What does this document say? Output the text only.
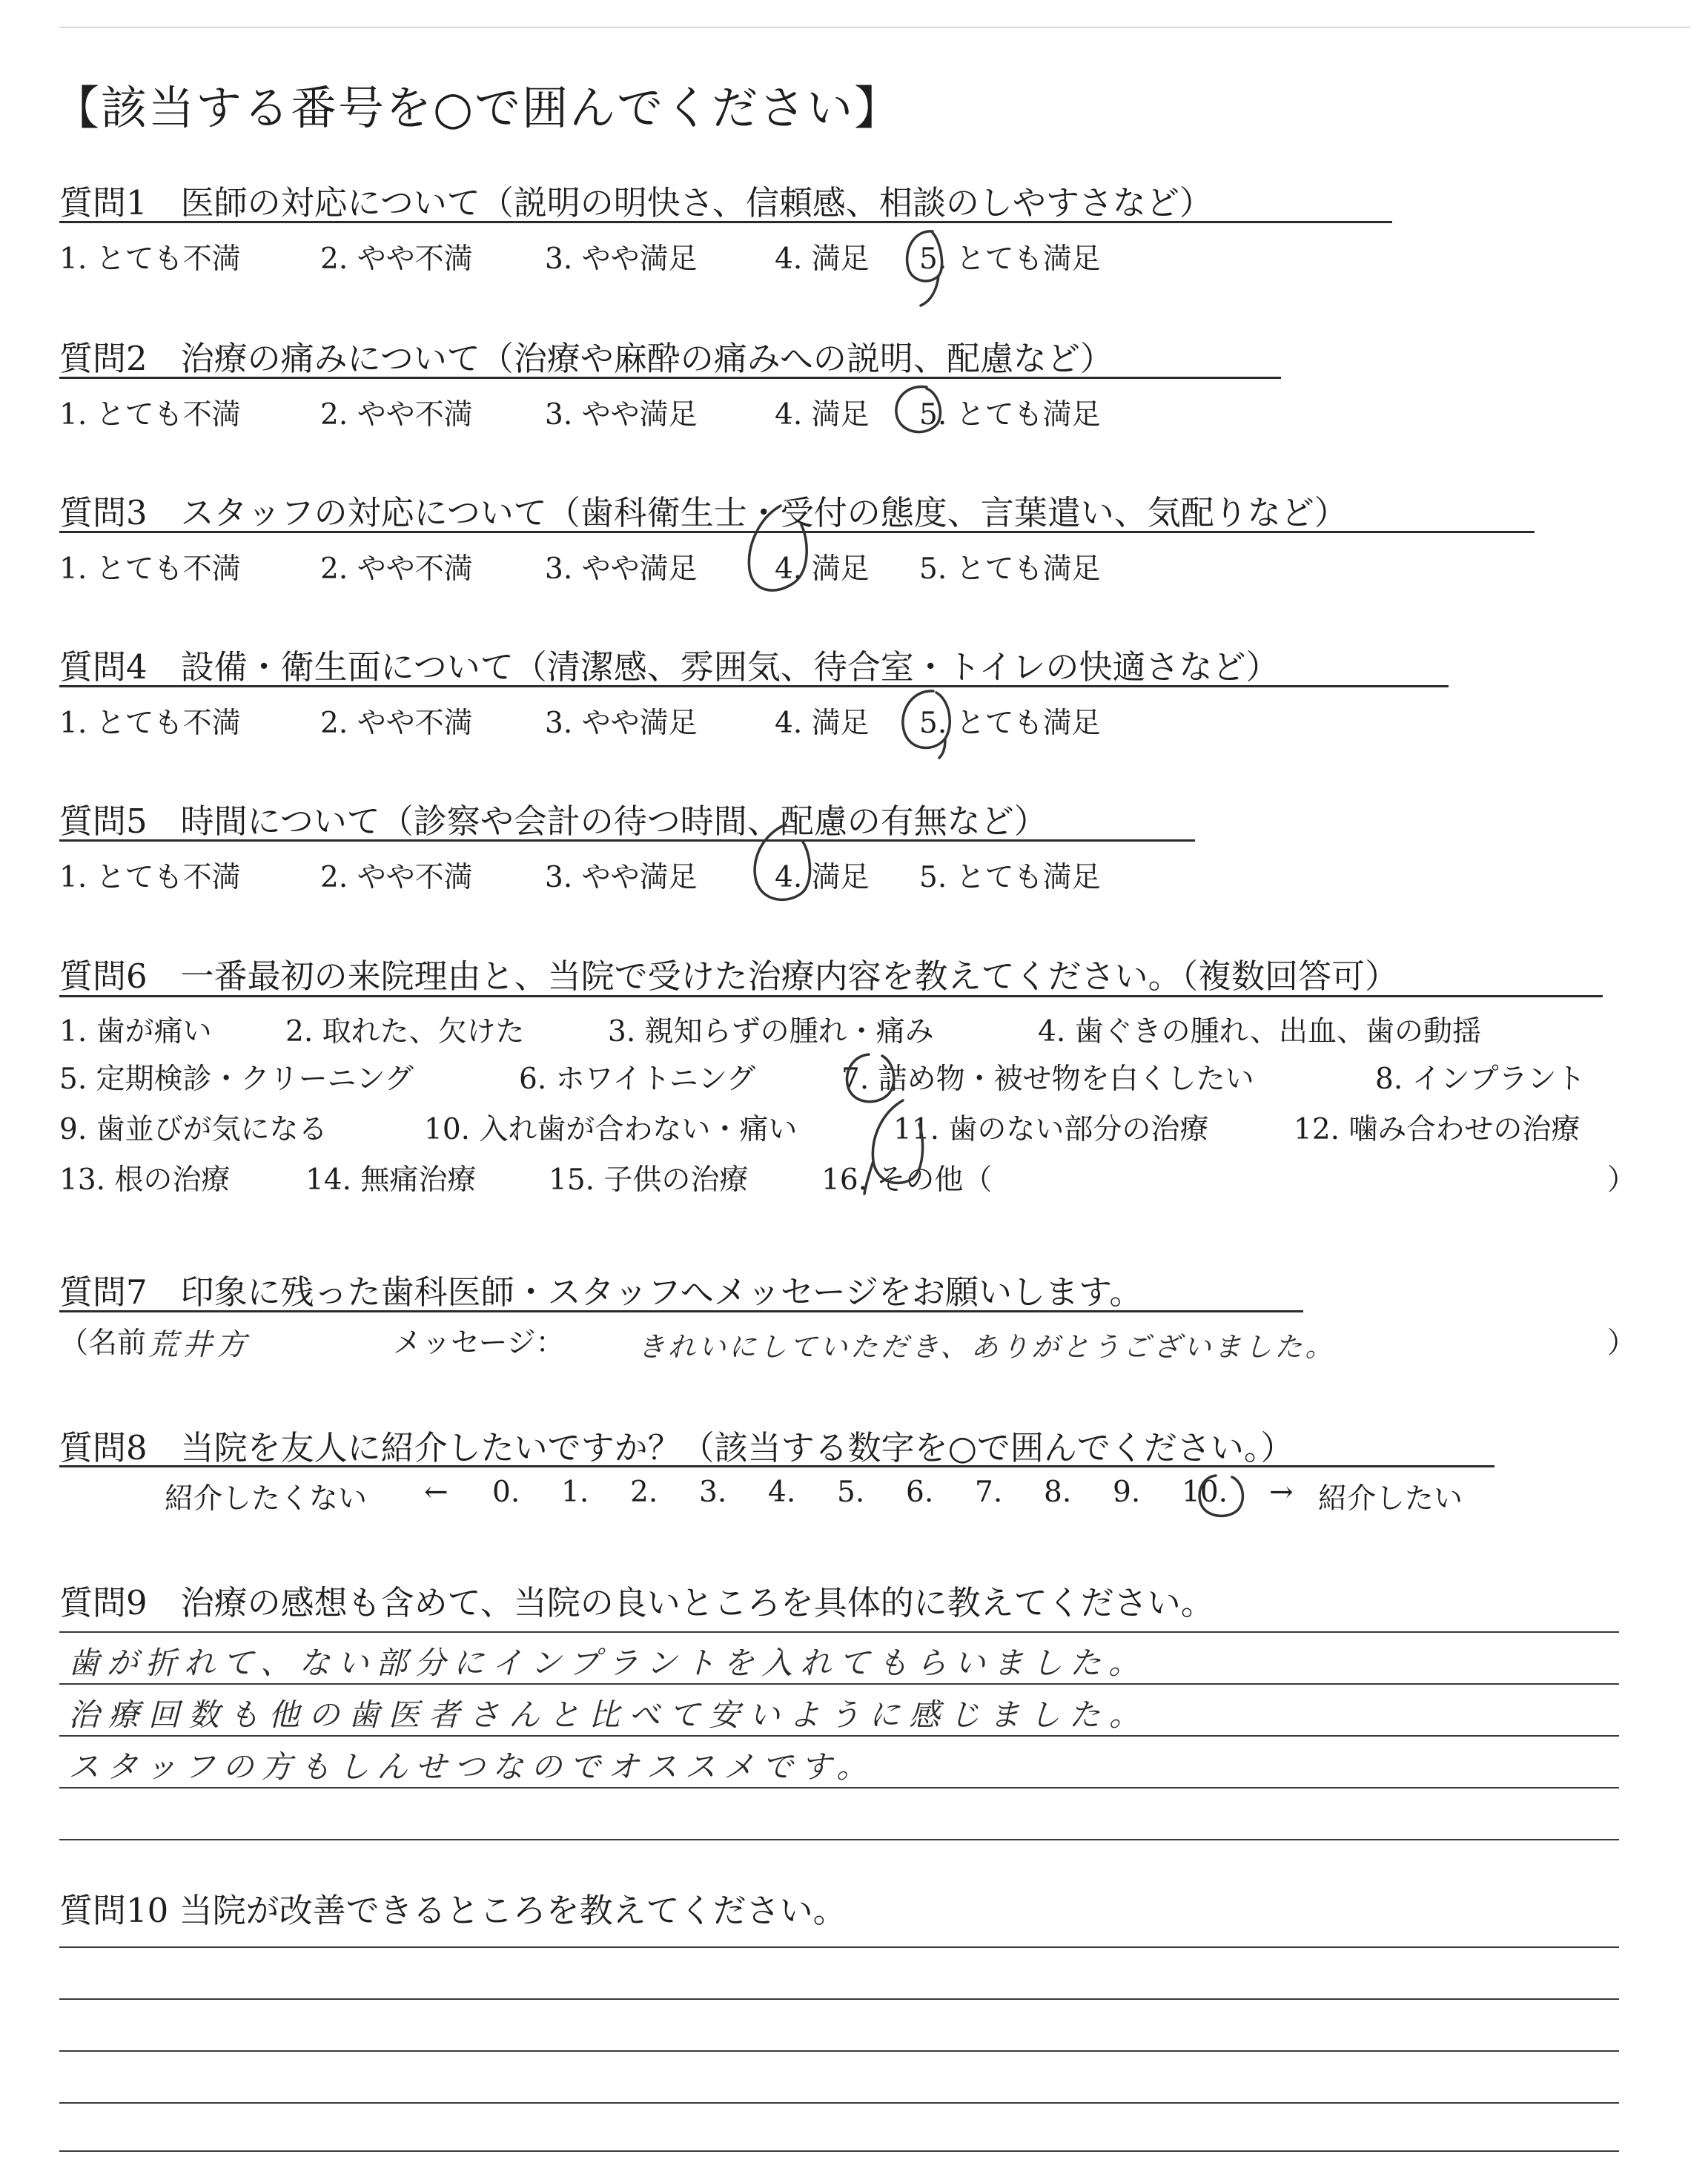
【該当する番号を○で囲んでください】
質問1　医師の対応について（説明の明快さ、信頼感、相談のしやすさなど）
1. とても不満	2. やや不満 3. やや満足	4. 満足 5. とても満足
質問2　治療の痛みについて（治療や麻酔の痛みへの説明、配慮など）
1. とても不満	2. やや不満 3. やや満足	4. 満足 5. とても満足
質問3　スタッフの対応について（歯科衛生士・受付の態度、言葉遣い、気配りなど）
1. とても不満	2. やや不満 3. やや満足	4. 満足 5. とても満足
質問4　設備・衛生面について（清潔感、雰囲気、待合室・トイレの快適さなど）
1. とても不満	2. やや不満 3. やや満足	4. 満足 5. とても満足
質問5　時間について（診察や会計の待つ時間、配慮の有無など）
1. とても不満	2. やや不満 3. やや満足	4. 満足 5. とても満足
質問6　一番最初の来院理由と、当院で受けた治療内容を教えてください。（複数回答可）
1. 歯が痛い	2. 取れた、欠けた	3. 親知らずの腫れ・痛み	4. 歯ぐきの腫れ、出血、歯の動揺
5. 定期検診・クリーニング	6. ホワイトニング	7. 詰め物・被せ物を白くしたい	8. インプラント
9. 歯並びが気になる	10. 入れ歯が合わない・痛い	11. 歯のない部分の治療	12. 噛み合わせの治療
13. 根の治療	14. 無痛治療	15. 子供の治療	16. その他（	）
質問7　印象に残った歯科医師・スタッフへメッセージをお願いします。
（名前 荒井方	メッセージ：	きれいにしていただき、ありがとうございました。	）
質問8　当院を友人に紹介したいですか？（該当する数字を○で囲んでください。）
紹介したくない ← 0. 1. 2. 3. 4. 5. 6. 7. 8. 9. 10. → 紹介したい
質問9　治療の感想も含めて、当院の良いところを具体的に教えてください。
歯が折れて、ない部分にインプラントを入れてもらいました。
治療回数も他の歯医者さんと比べて安いように感じました。
スタッフの方もしんせつなのでオススメです。
質問10 当院が改善できるところを教えてください。
